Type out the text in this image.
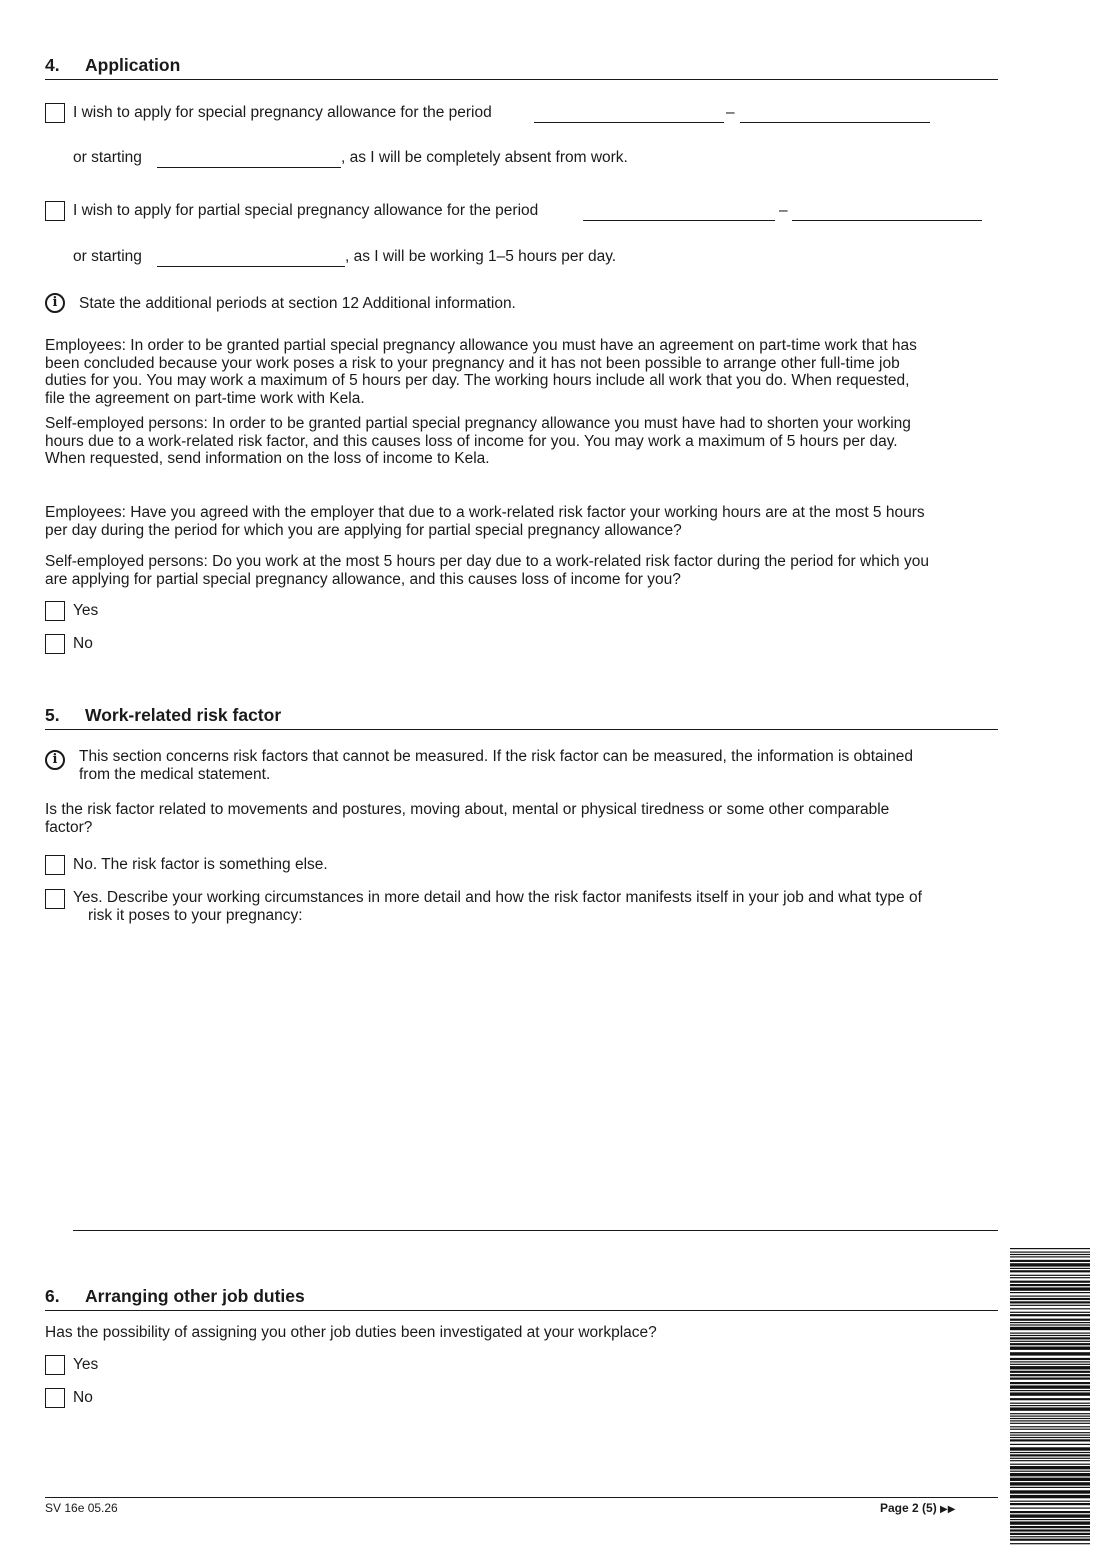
4. Application
I wish to apply for special pregnancy allowance for the period	–
or starting	, as I will be completely absent from work.
I wish to apply for partial special pregnancy allowance for the period	–
or starting	, as I will be working 1–5 hours per day.
i	State the additional periods at section 12 Additional information.
Employees: In order to be granted partial special pregnancy allowance you must have an agreement on part-time work that has
been concluded because your work poses a risk to your pregnancy and it has not been possible to arrange other full-time job
duties for you. You may work a maximum of 5 hours per day. The working hours include all work that you do. When requested,
file the agreement on part-time work with Kela.
Self-employed persons: In order to be granted partial special pregnancy allowance you must have had to shorten your working
hours due to a work-related risk factor, and this causes loss of income for you. You may work a maximum of 5 hours per day.
When requested, send information on the loss of income to Kela.
Employees: Have you agreed with the employer that due to a work-related risk factor your working hours are at the most 5 hours
per day during the period for which you are applying for partial special pregnancy allowance?
Self-employed persons: Do you work at the most 5 hours per day due to a work-related risk factor during the period for which you
are applying for partial special pregnancy allowance, and this causes loss of income for you?
Yes
No
5. Work-related risk factor
i	This section concerns risk factors that cannot be measured. If the risk factor can be measured, the information is obtained
from the medical statement.
Is the risk factor related to movements and postures, moving about, mental or physical tiredness or some other comparable
factor?
No. The risk factor is something else.
Yes. Describe your working circumstances in more detail and how the risk factor manifests itself in your job and what type of
risk it poses to your pregnancy:
6. Arranging other job duties
Has the possibility of assigning you other job duties been investigated at your workplace?
Yes
No
SV 16e 05.26	Page 2 (5) ▶▶
